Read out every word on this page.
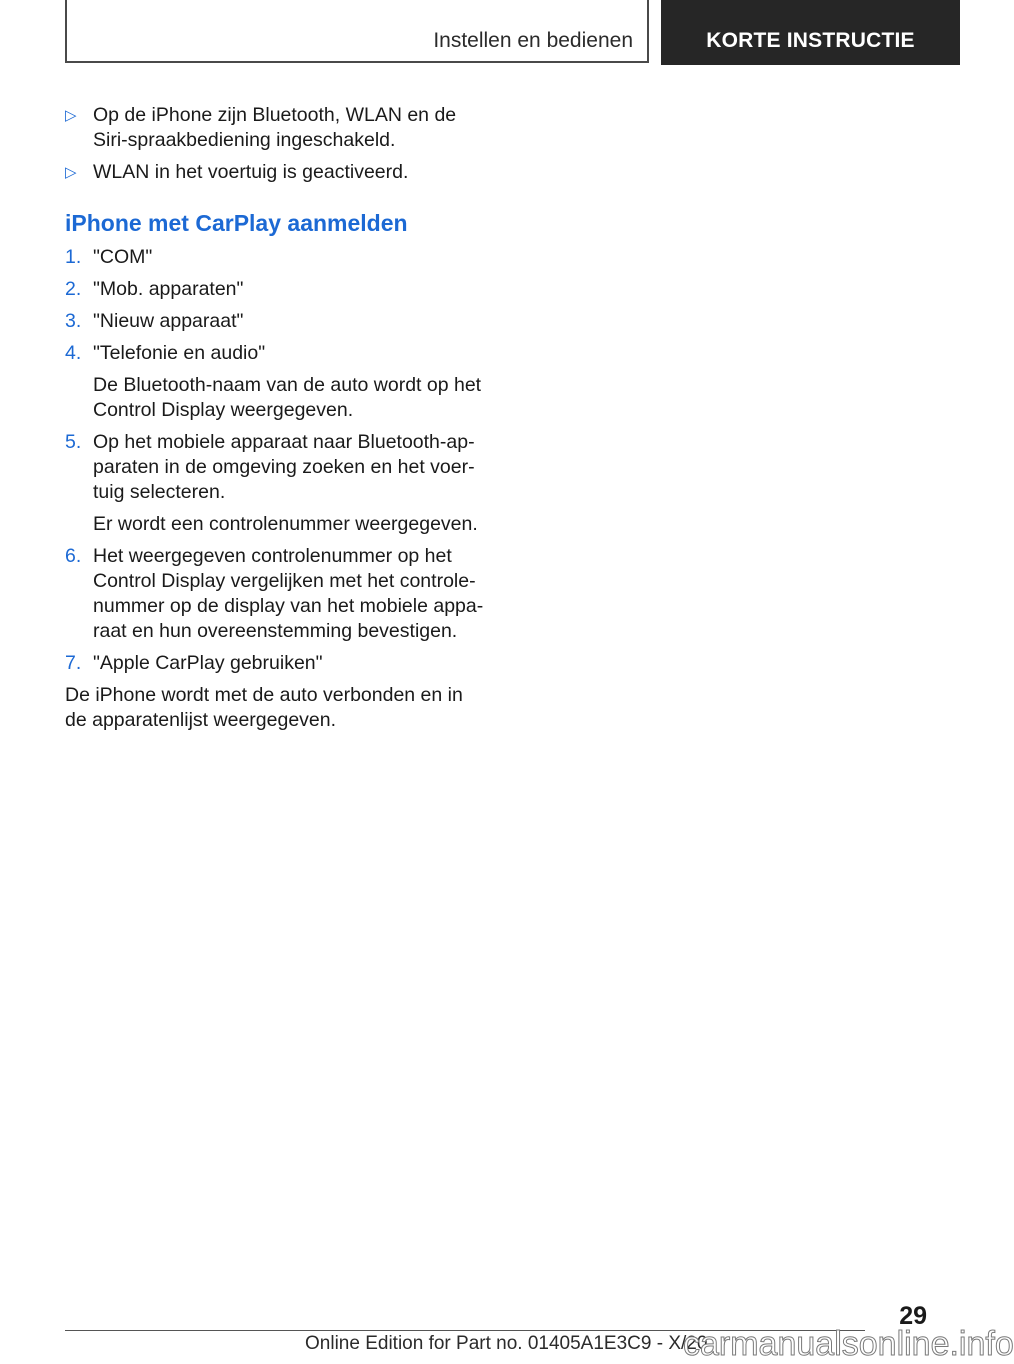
Instellen en bedienen	KORTE INSTRUCTIE
▷ Op de iPhone zijn Bluetooth, WLAN en de Siri-spraakbediening ingeschakeld.
▷ WLAN in het voertuig is geactiveerd.
iPhone met CarPlay aanmelden
1. "COM"
2. "Mob. apparaten"
3. "Nieuw apparaat"
4. "Telefonie en audio"
De Bluetooth-naam van de auto wordt op het Control Display weergegeven.
5. Op het mobiele apparaat naar Bluetooth-apparaten in de omgeving zoeken en het voertuig selecteren.
Er wordt een controlenummer weergegeven.
6. Het weergegeven controlenummer op het Control Display vergelijken met het controlenummer op de display van het mobiele apparaat en hun overeenstemming bevestigen.
7. "Apple CarPlay gebruiken"
De iPhone wordt met de auto verbonden en in de apparatenlijst weergegeven.
29
Online Edition for Part no. 01405A1E3C9 - X/20
carmanualsonline.info
